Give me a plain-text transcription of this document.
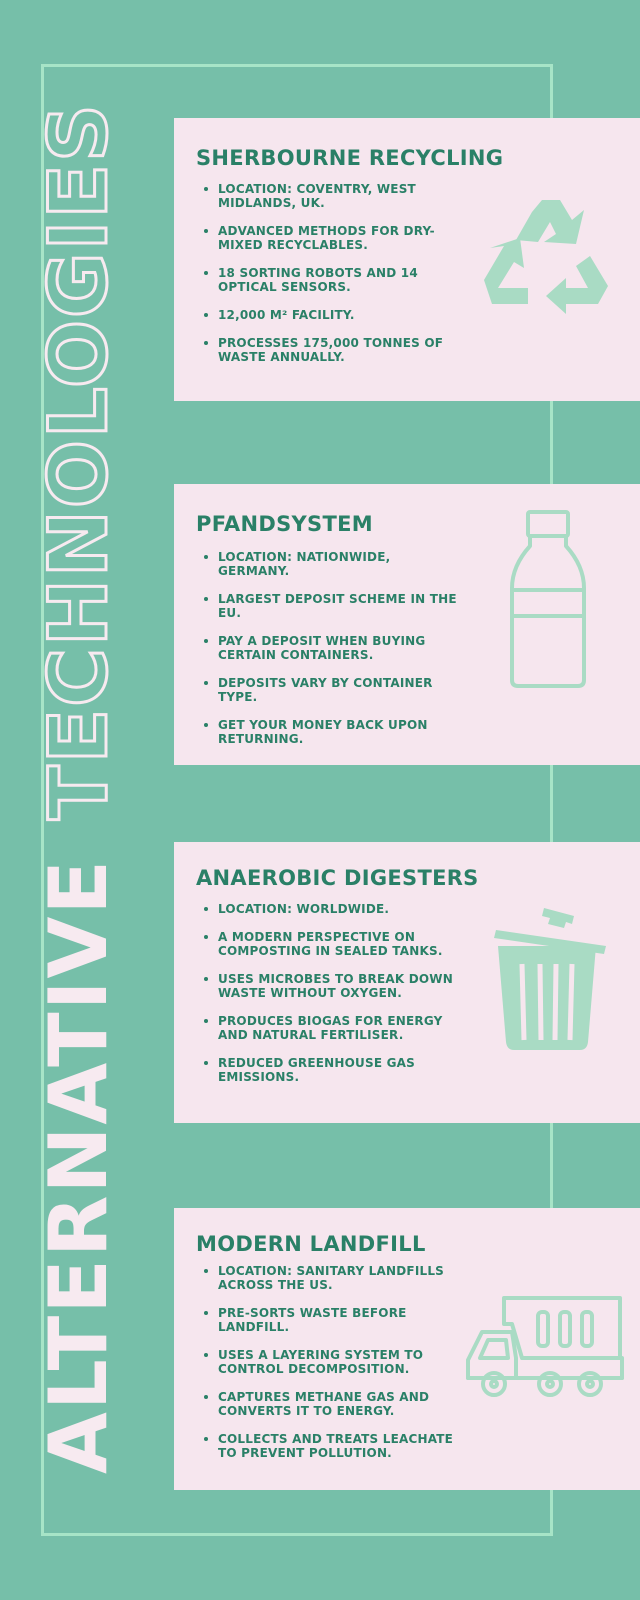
ALTERNATIVE
TECHNOLOGIES	SHERBOURNE RECYCLING
LOCATION: COVENTRY, WEST MIDLANDS, UK.
ADVANCED METHODS FOR DRY-MIXED RECYCLABLES.
18 SORTING ROBOTS AND 14 OPTICAL SENSORS.
12,000 M² FACILITY.
PROCESSES 175,000 TONNES OF WASTE ANNUALLY.
PFANDSYSTEM
LOCATION: NATIONWIDE, GERMANY.
LARGEST DEPOSIT SCHEME IN THE EU.
PAY A DEPOSIT WHEN BUYING CERTAIN CONTAINERS.
DEPOSITS VARY BY CONTAINER TYPE.
GET YOUR MONEY BACK UPON RETURNING.
ANAEROBIC DIGESTERS
LOCATION: WORLDWIDE.
A MODERN PERSPECTIVE ON COMPOSTING IN SEALED TANKS.
USES MICROBES TO BREAK DOWN WASTE WITHOUT OXYGEN.
PRODUCES BIOGAS FOR ENERGY AND NATURAL FERTILISER.
REDUCED GREENHOUSE GAS EMISSIONS.
MODERN LANDFILL
LOCATION: SANITARY LANDFILLS ACROSS THE US.
PRE-SORTS WASTE BEFORE LANDFILL.
USES A LAYERING SYSTEM TO CONTROL DECOMPOSITION.
CAPTURES METHANE GAS AND CONVERTS IT TO ENERGY.
COLLECTS AND TREATS LEACHATE TO PREVENT POLLUTION.
